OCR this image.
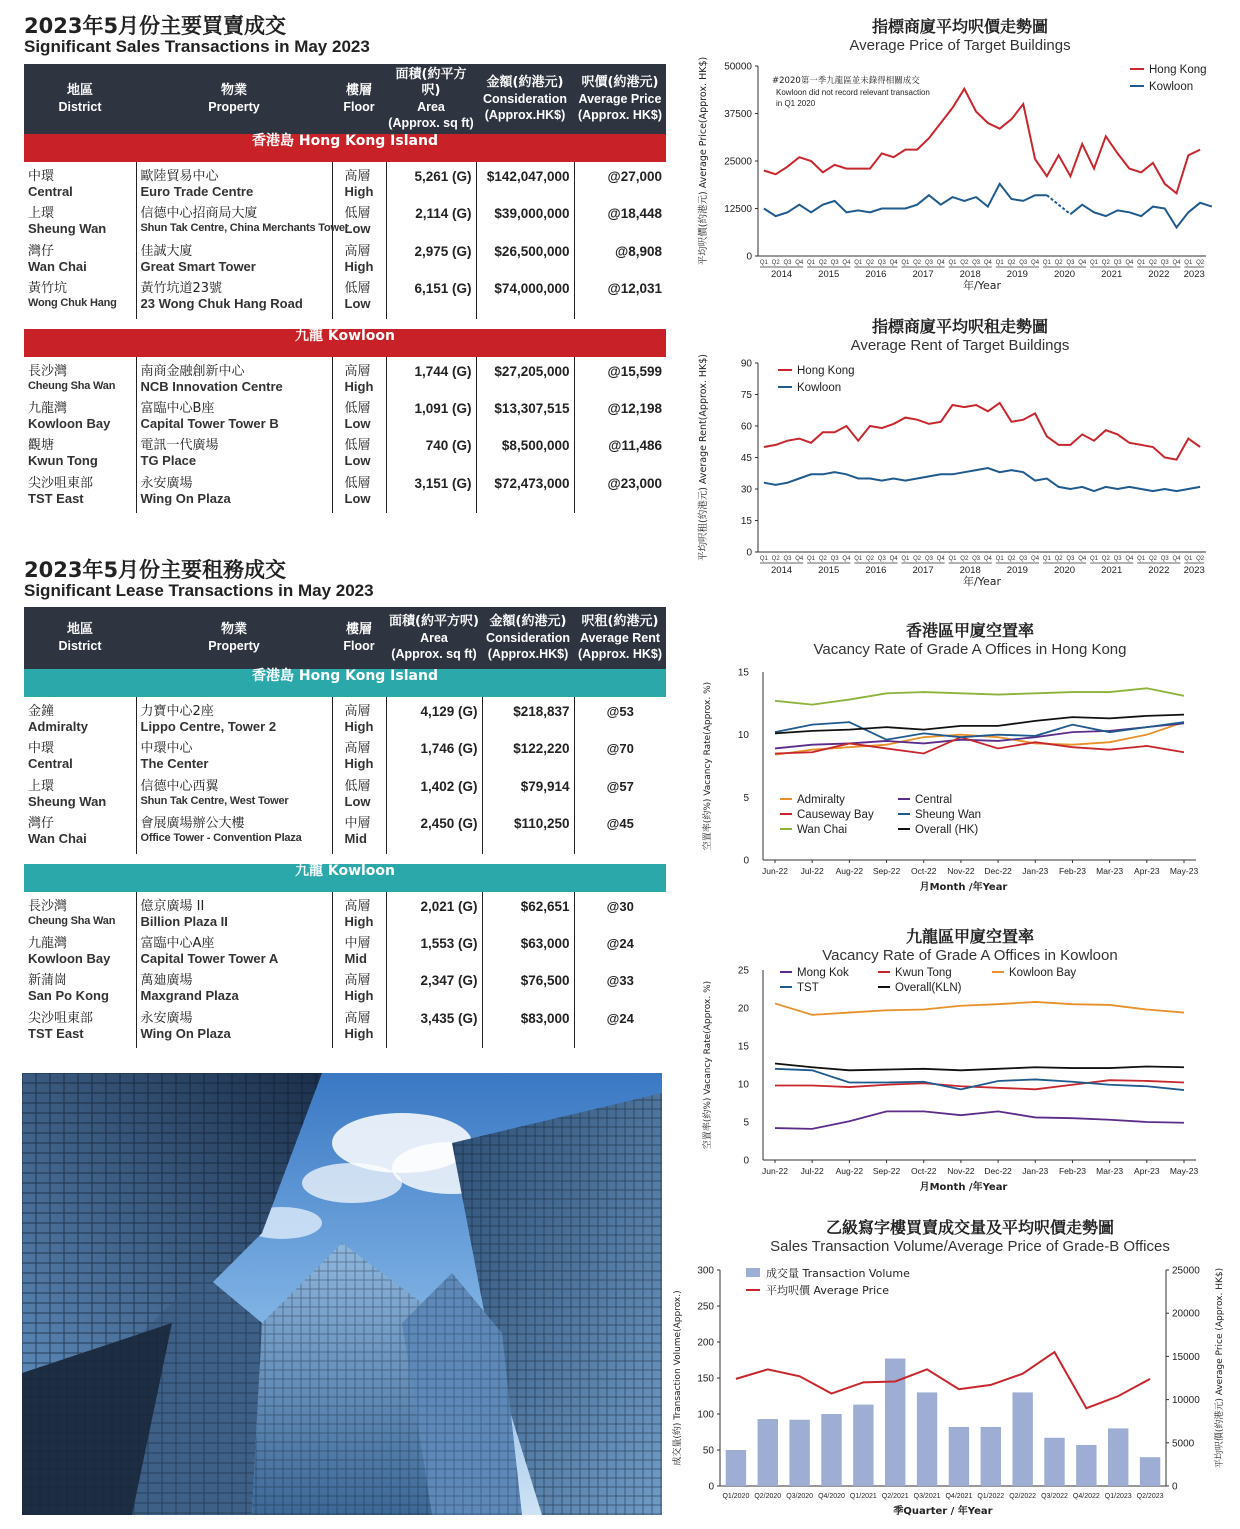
2023年5月份主要買賣成交
Significant Sales Transactions in May 2023
地區
District	物業
Property	樓層
Floor	面積(約平方呎)
Area
(Approx. sq ft)	金額(約港元)
Consideration
(Approx.HK$)	呎價(約港元)
Average Price
(Approx. HK$)

香港島 Hong Kong Island					

中環
Central	歐陸貿易中心
Euro Trade Centre	高層
High	5,261 (G)	$142,047,000	@27,000

上環
Sheung Wan	信德中心招商局大廈
Shun Tak Centre, China Merchants Tower	低層
Low	2,114 (G)	$39,000,000	@18,448

灣仔
Wan Chai	佳誠大廈
Great Smart Tower	高層
High	2,975 (G)	$26,500,000	@8,908

黃竹坑
Wong Chuk Hang	黃竹坑道23號
23 Wong Chuk Hang Road	低層
Low	6,151 (G)	$74,000,000	@12,031

九龍 Kowloon					

長沙灣
Cheung Sha Wan	南商金融創新中心
NCB Innovation Centre	高層
High	1,744 (G)	$27,205,000	@15,599

九龍灣
Kowloon Bay	富臨中心B座
Capital Tower Tower B	低層
Low	1,091 (G)	$13,307,515	@12,198

觀塘
Kwun Tong	電訊一代廣場
TG Place	低層
Low	740 (G)	$8,500,000	@11,486

尖沙咀東部
TST East	永安廣場
Wing On Plaza	低層
Low	3,151 (G)	$72,473,000	@23,000
2023年5月份主要租務成交
Significant Lease Transactions in May 2023
地區
District	物業
Property	樓層
Floor	面積(約平方呎)
Area
(Approx. sq ft)	金額(約港元)
Consideration
(Approx.HK$)	呎租(約港元)
Average Rent
(Approx. HK$)

香港島 Hong Kong Island					

金鐘
Admiralty	力寶中心2座
Lippo Centre, Tower 2	高層
High	4,129 (G)	$218,837	@53

中環
Central	中環中心
The Center	高層
High	1,746 (G)	$122,220	@70

上環
Sheung Wan	信德中心西翼
Shun Tak Centre, West Tower	低層
Low	1,402 (G)	$79,914	@57

灣仔
Wan Chai	會展廣場辦公大樓
Office Tower - Convention Plaza	中層
Mid	2,450 (G)	$110,250	@45

九龍 Kowloon					

長沙灣
Cheung Sha Wan	億京廣場 II
Billion Plaza II	高層
High	2,021 (G)	$62,651	@30

九龍灣
Kowloon Bay	富臨中心A座
Capital Tower Tower A	中層
Mid	1,553 (G)	$63,000	@24

新蒲崗
San Po Kong	萬廸廣場
Maxgrand Plaza	高層
High	2,347 (G)	$76,500	@33

尖沙咀東部
TST East	永安廣場
Wing On Plaza	高層
High	3,435 (G)	$83,000	@24
指標商廈平均呎價走勢圖
Average Price of Target Buildings
0
12500
25000
37500
50000
Q1 Q2 Q3 Q4 Q1 Q2 Q3 Q4 Q1 Q2 Q3 Q4 Q1 Q2 Q3 Q4 Q1 Q2 Q3 Q4 Q1 Q2 Q3 Q4 Q1 Q2 Q3 Q4 Q1 Q2 Q3 Q4 Q1 Q2 Q3 Q4 Q1 Q2
2014	2015	2016	2017	2018	2019	2020	2021	2022 2023
年/Year
平均呎價(約港元) Average Price(Approx. HK$)	Hong Kong
Kowloon
#2020第一季九龍區並未錄得相關成交
Kowloon did not record relevant transaction
in Q1 2020
指標商廈平均呎租走勢圖
Average Rent of Target Buildings
0
15
30
45
60
75
90
Q1 Q2 Q3 Q4 Q1 Q2 Q3 Q4 Q1 Q2 Q3 Q4 Q1 Q2 Q3 Q4 Q1 Q2 Q3 Q4 Q1 Q2 Q3 Q4 Q1 Q2 Q3 Q4 Q1 Q2 Q3 Q4 Q1 Q2 Q3 Q4 Q1 Q2
2014	2015	2016	2017	2018	2019	2020	2021	2022 2023
年/Year
平均呎租(約港元) Average Rent(Approx. HK$)	Hong Kong
Kowloon
香港區甲廈空置率
Vacancy Rate of Grade A Offices in Hong Kong
0
5
10
15
Jun-22 Jul-22 Aug-22 Sep-22 Oct-22 Nov-22 Dec-22 Jan-23 Feb-23 Mar-23 Apr-23 May-23
月Month /年Year
空置率(約%) Vacancy Rate(Approx. %)	Admiralty	Central
Causeway Bay	Sheung Wan
Wan Chai	Overall (HK)
九龍區甲廈空置率
Vacancy Rate of Grade A Offices in Kowloon
0
5
10
15
20
25
Jun-22 Jul-22 Aug-22 Sep-22 Oct-22 Nov-22 Dec-22 Jan-23 Feb-23 Mar-23 Apr-23 May-23
月Month /年Year
空置率(約%) Vacancy Rate(Approx. %)
Mong Kok	Kwun Tong	Kowloon Bay
TST	Overall(KLN)
乙級寫字樓買賣成交量及平均呎價走勢圖
Sales Transaction Volume/Average Price of Grade-B Offices
0
50
100
150
200
250
300
0
5000
10000
15000
20000
25000
Q1/2020 Q2/2020 Q3/2020 Q4/2020 Q1/2021 Q2/2021 Q3/2021 Q4/2021 Q1/2022 Q2/2022 Q3/2022 Q4/2022 Q1/2023 Q2/2023
季Quarter / 年Year
成交量(約) Transaction Volume(Approx.)	平均呎價(約港元) Average Price (Approx. HK$)
成交量 Transaction Volume
平均呎價 Average Price
